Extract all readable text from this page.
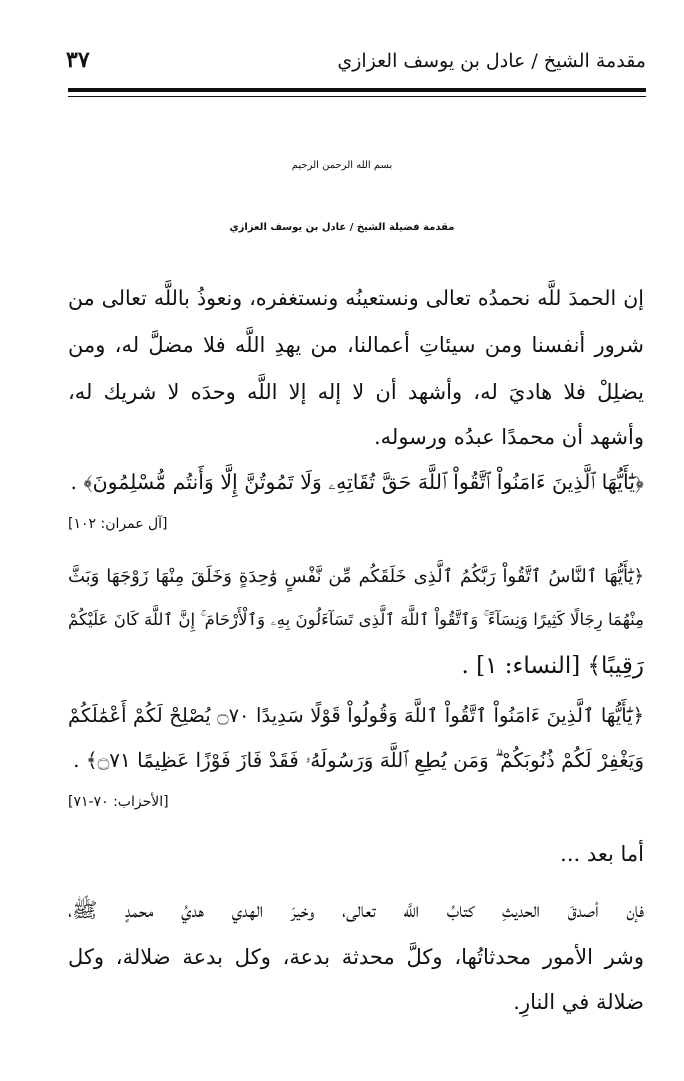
مقدمة الشيخ / عادل بن يوسف العزازي
٣٧
بسم الله الرحمن الرحيم
مقدمة فضيلة الشيخ / عادل بن يوسف العزازي
إن الحمدَ للَّه نحمدُه تعالى ونستعينُه ونستغفره، ونعوذُ باللَّه تعالى من
شرور أنفسنا ومن سيئاتِ أعمالنا، من يهدِ اللَّه فلا مضلَّ له، ومن
يضلِلْ فلا هاديَ له، وأشهد أن لا إله إلا اللَّه وحدَه لا شريك له،
وأشهد أن محمدًا عبدُه ورسوله.
﴿يَٰٓأَيُّهَا ٱلَّذِينَ ءَامَنُواْ ٱتَّقُواْ ٱللَّهَ حَقَّ تُقَاتِهِۦ وَلَا تَمُوتُنَّ إِلَّا وَأَنتُم مُّسْلِمُونَ﴾ .
[آل عمران: ١٠٢]
﴿يَٰٓأَيُّهَا ٱلنَّاسُ ٱتَّقُواْ رَبَّكُمُ ٱلَّذِى خَلَقَكُم مِّن نَّفْسٍ وَٰحِدَةٍ وَخَلَقَ مِنْهَا زَوْجَهَا وَبَثَّ
مِنْهُمَا رِجَالًا كَثِيرًا وَنِسَآءً ۚ وَٱتَّقُواْ ٱللَّهَ ٱلَّذِى تَسَآءَلُونَ بِهِۦ وَٱلْأَرْحَامَ ۚ إِنَّ ٱللَّهَ كَانَ عَلَيْكُمْ
رَقِيبًا﴾ [النساء: ١] .
﴿يَٰٓأَيُّهَا ٱلَّذِينَ ءَامَنُواْ ٱتَّقُواْ ٱللَّهَ وَقُولُواْ قَوْلًا سَدِيدًا ۝٧٠ يُصْلِحْ لَكُمْ أَعْمَٰلَكُمْ
وَيَغْفِرْ لَكُمْ ذُنُوبَكُمْ ۗ وَمَن يُطِعِ ٱللَّهَ وَرَسُولَهُۥ فَقَدْ فَازَ فَوْزًا عَظِيمًا ۝٧١﴾ .
[الأحزاب: ٧٠-٧١]
أما بعد ...
فإن أصدقَ الحديثِ كتابُ اللَّه تعالى، وخيرَ الهدي هديُ محمدٍ ﷺ،
وشر الأمور محدثاتُها، وكلَّ محدثة بدعة، وكل بدعة ضلالة، وكل
ضلالة في النارِ.
